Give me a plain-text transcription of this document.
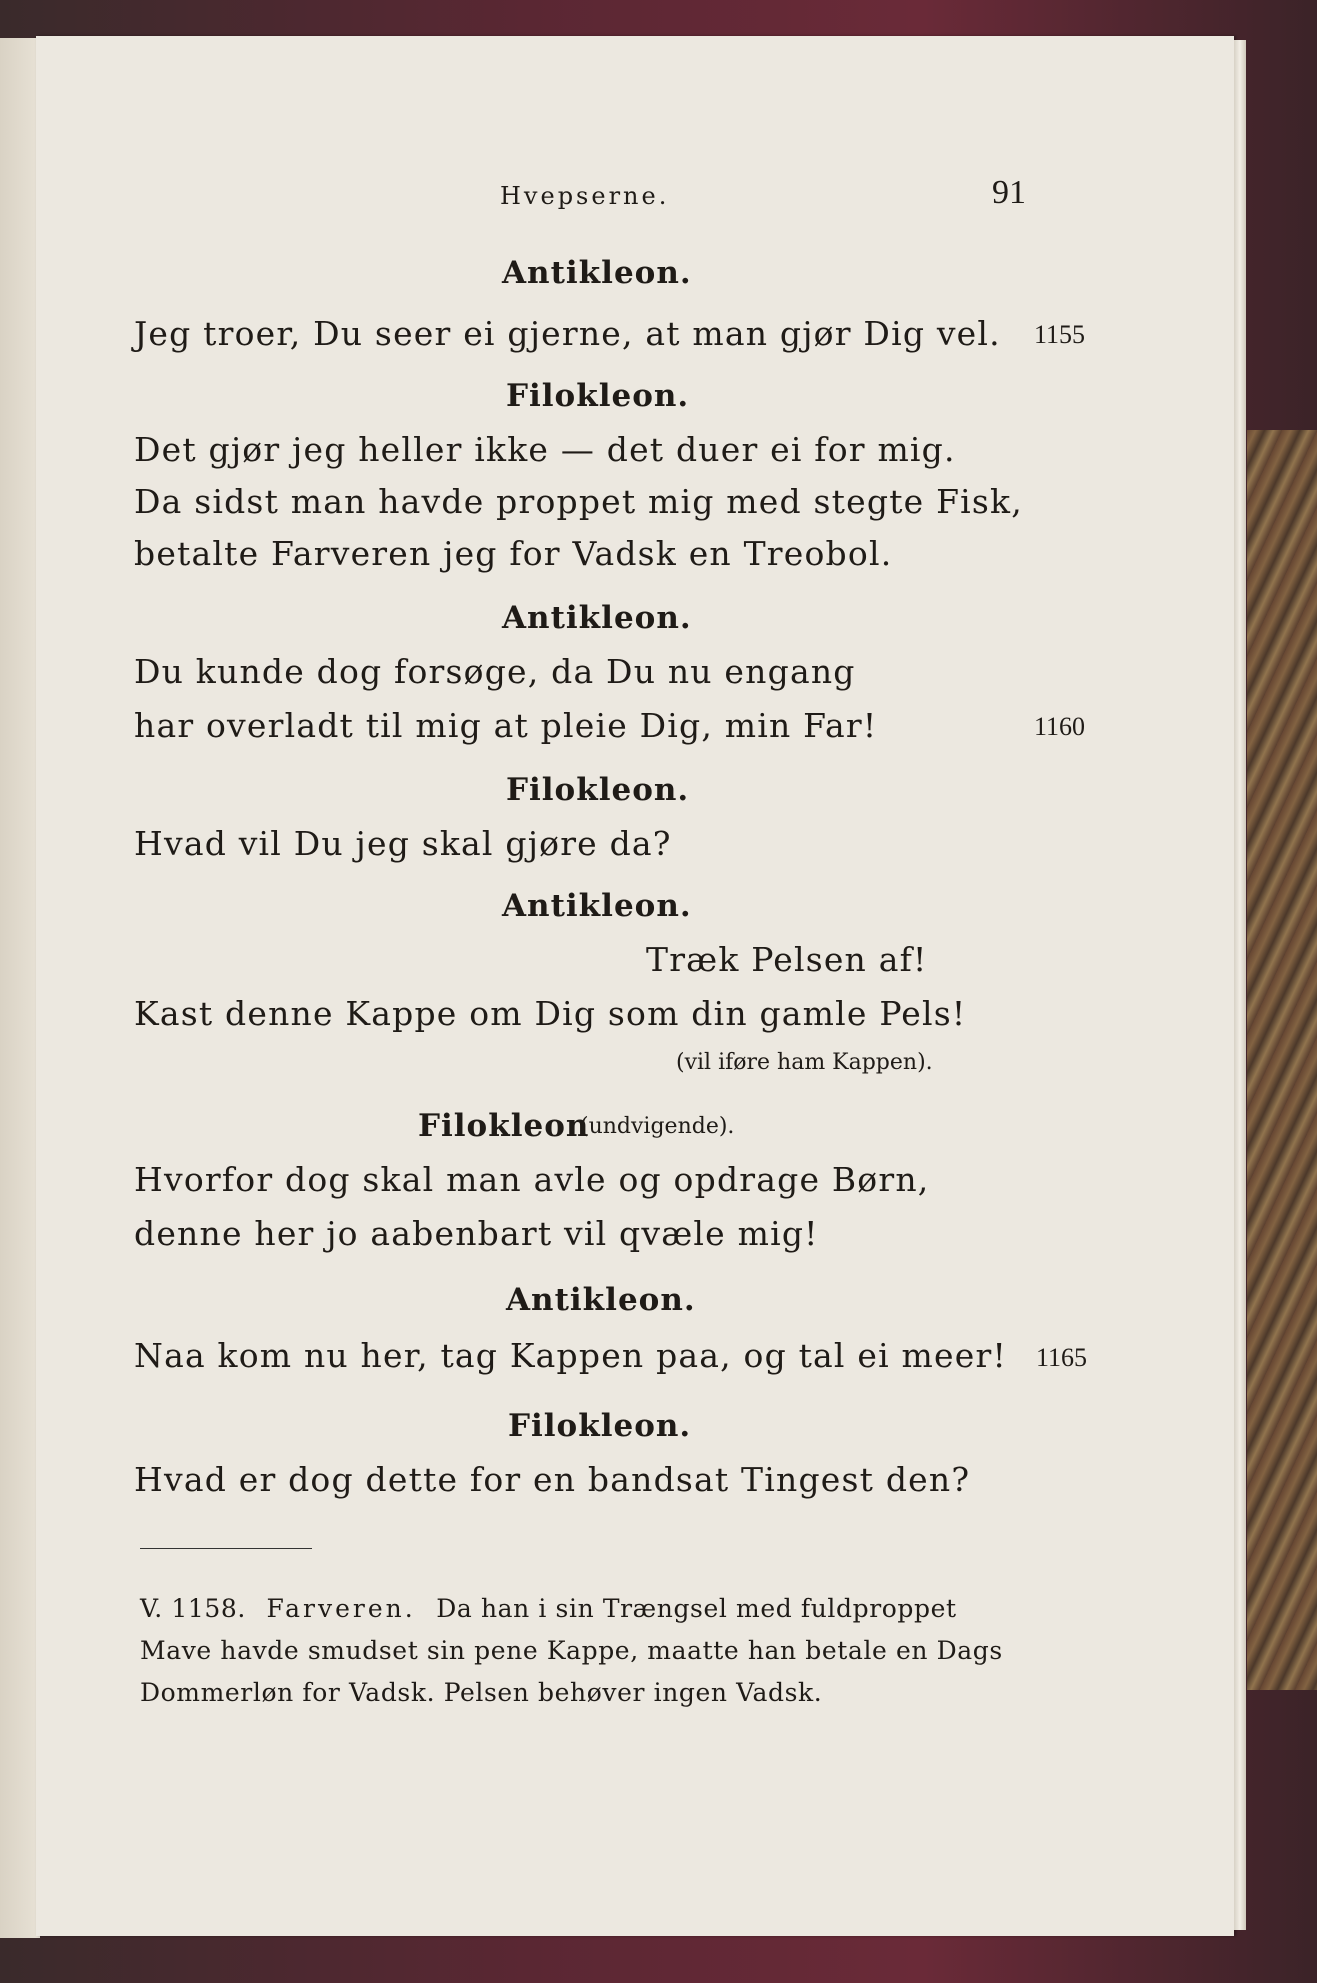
Hvepserne.	91
Antikleon.
Jeg troer, Du seer ei gjerne, at man gjør Dig vel. 1155
Filokleon.
Det gjør jeg heller ikke — det duer ei for mig.
Da sidst man havde proppet mig med stegte Fisk,
betalte Farveren jeg for Vadsk en Treobol.
Antikleon.
Du kunde dog forsøge, da Du nu engang
har overladt til mig at pleie Dig, min Far!	1160
Filokleon.
Hvad vil Du jeg skal gjøre da?
Antikleon.
Træk Pelsen af!
Kast denne Kappe om Dig som din gamle Pels!
(vil iføre ham Kappen).
Filokleon
(undvigende).
Hvorfor dog skal man avle og opdrage Børn,
denne her jo aabenbart vil qvæle mig!
Antikleon.
Naa kom nu her, tag Kappen paa, og tal ei meer! 1165
Filokleon.
Hvad er dog dette for en bandsat Tingest den?
V. 1158. Farveren. Da han i sin Trængsel med fuldproppet
Mave havde smudset sin pene Kappe, maatte han betale en Dags
Dommerløn for Vadsk. Pelsen behøver ingen Vadsk.
